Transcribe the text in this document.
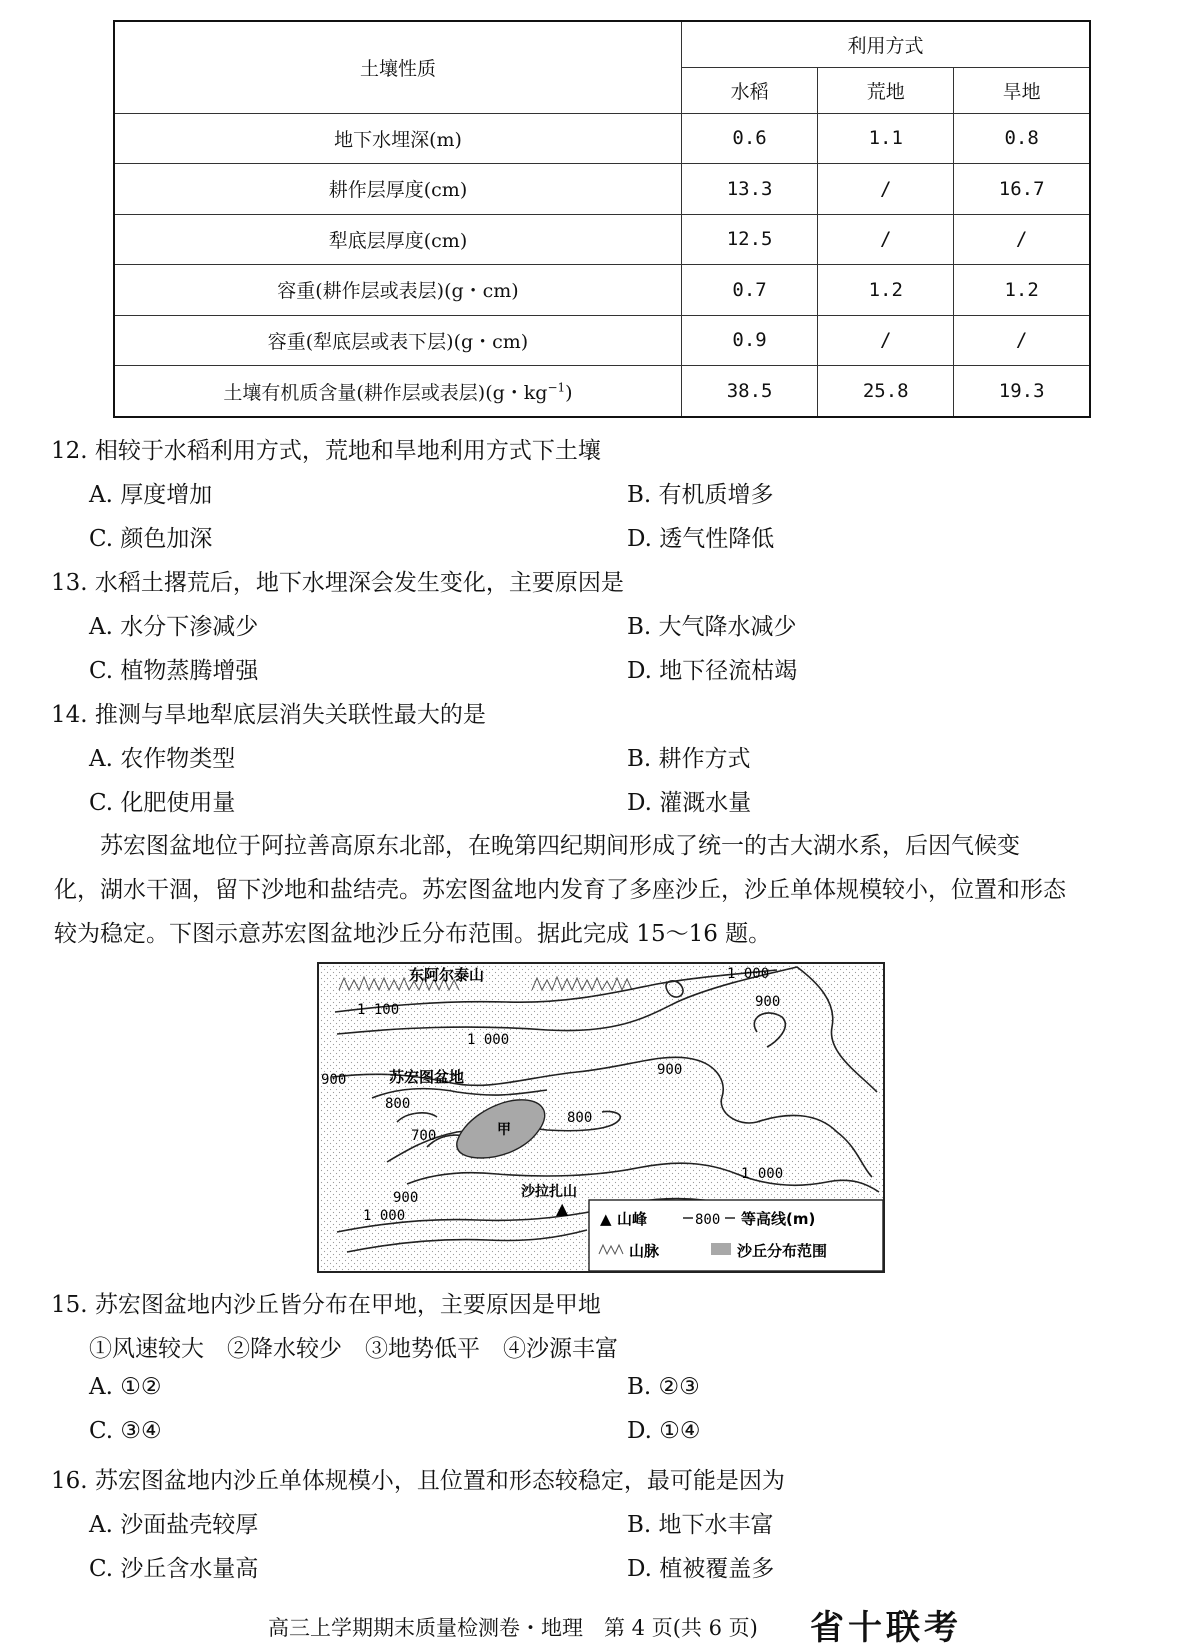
土壤性质	利用方式		
	水稻	荒地	旱地
地下水埋深(m)	0.6	1.1	0.8
耕作层厚度(cm)	13.3	/	16.7
犁底层厚度(cm)	12.5	/	/
容重(耕作层或表层)(g・cm)	0.7	1.2	1.2
容重(犁底层或表下层)(g・cm)	0.9	/	/
土壤有机质含量(耕作层或表层)(g・$kg^{-1}$)	38.5	25.8	19.3
12. 相较于水稻利用方式，荒地和旱地利用方式下土壤
A. 厚度增加	B. 有机质增多
C. 颜色加深	D. 透气性降低
13. 水稻土撂荒后，地下水埋深会发生变化，主要原因是
A. 水分下渗减少	B. 大气降水减少
C. 植物蒸腾增强	D. 地下径流枯竭
14. 推测与旱地犁底层消失关联性最大的是
A. 农作物类型	B. 耕作方式
C. 化肥使用量	D. 灌溉水量
　　苏宏图盆地位于阿拉善高原东北部，在晚第四纪期间形成了统一的古大湖水系，后因气候变
化，湖水干涸，留下沙地和盐结壳。苏宏图盆地内发育了多座沙丘，沙丘单体规模较小，位置和形态
较为稳定。下图示意苏宏图盆地沙丘分布范围。据此完成 15～16 题。
东阿尔泰山
苏宏图盆地
甲
沙拉扎山
▲
1 100
1 000
900
900
900
800
800
700
1 000
1 000
900
1 000	▲ 山峰	800 等高线(m)
山脉	沙丘分布范围
15. 苏宏图盆地内沙丘皆分布在甲地，主要原因是甲地
①风速较大　②降水较少　③地势低平　④沙源丰富
A. ①②	B. ②③
C. ③④	D. ①④
16. 苏宏图盆地内沙丘单体规模小，且位置和形态较稳定，最可能是因为
A. 沙面盐壳较厚	B. 地下水丰富
C. 沙丘含水量高	D. 植被覆盖多
高三上学期期末质量检测卷・地理　第 4 页(共 6 页) 省十联考
